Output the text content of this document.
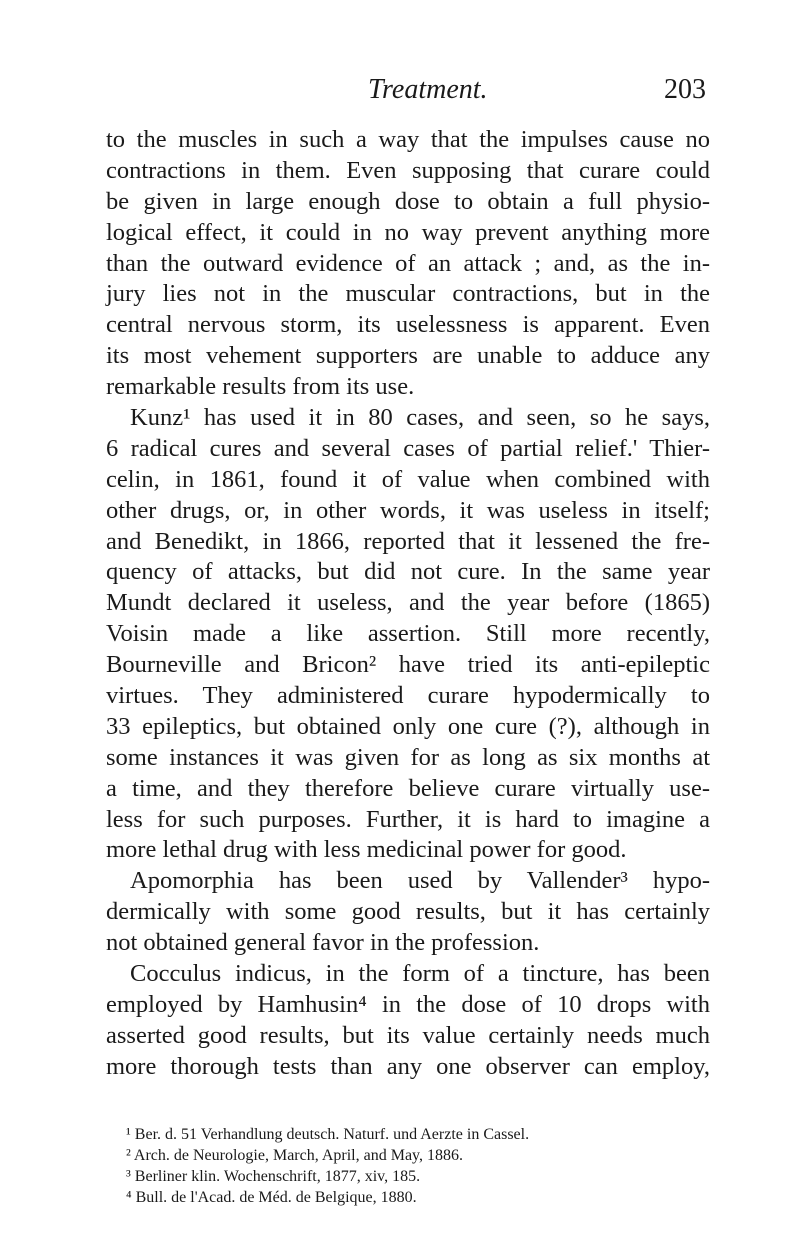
Treatment.	203
to the muscles in such a way that the impulses cause no
contractions in them. Even supposing that curare could
be given in large enough dose to obtain a full physio-
logical effect, it could in no way prevent anything more
than the outward evidence of an attack ; and, as the in-
jury lies not in the muscular contractions, but in the
central nervous storm, its uselessness is apparent. Even
its most vehement supporters are unable to adduce any
remarkable results from its use.
Kunz¹ has used it in 80 cases, and seen, so he says,
6 radical cures and several cases of partial relief.' Thier-
celin, in 1861, found it of value when combined with
other drugs, or, in other words, it was useless in itself;
and Benedikt, in 1866, reported that it lessened the fre-
quency of attacks, but did not cure. In the same year
Mundt declared it useless, and the year before (1865)
Voisin made a like assertion. Still more recently,
Bourneville and Bricon² have tried its anti-epileptic
virtues. They administered curare hypodermically to
33 epileptics, but obtained only one cure (?), although in
some instances it was given for as long as six months at
a time, and they therefore believe curare virtually use-
less for such purposes. Further, it is hard to imagine a
more lethal drug with less medicinal power for good.
Apomorphia has been used by Vallender³ hypo-
dermically with some good results, but it has certainly
not obtained general favor in the profession.
Cocculus indicus, in the form of a tincture, has been
employed by Hamhusin⁴ in the dose of 10 drops with
asserted good results, but its value certainly needs much
more thorough tests than any one observer can employ,
¹ Ber. d. 51 Verhandlung deutsch. Naturf. und Aerzte in Cassel.
² Arch. de Neurologie, March, April, and May, 1886.
³ Berliner klin. Wochenschrift, 1877, xiv, 185.
⁴ Bull. de l'Acad. de Méd. de Belgique, 1880.
